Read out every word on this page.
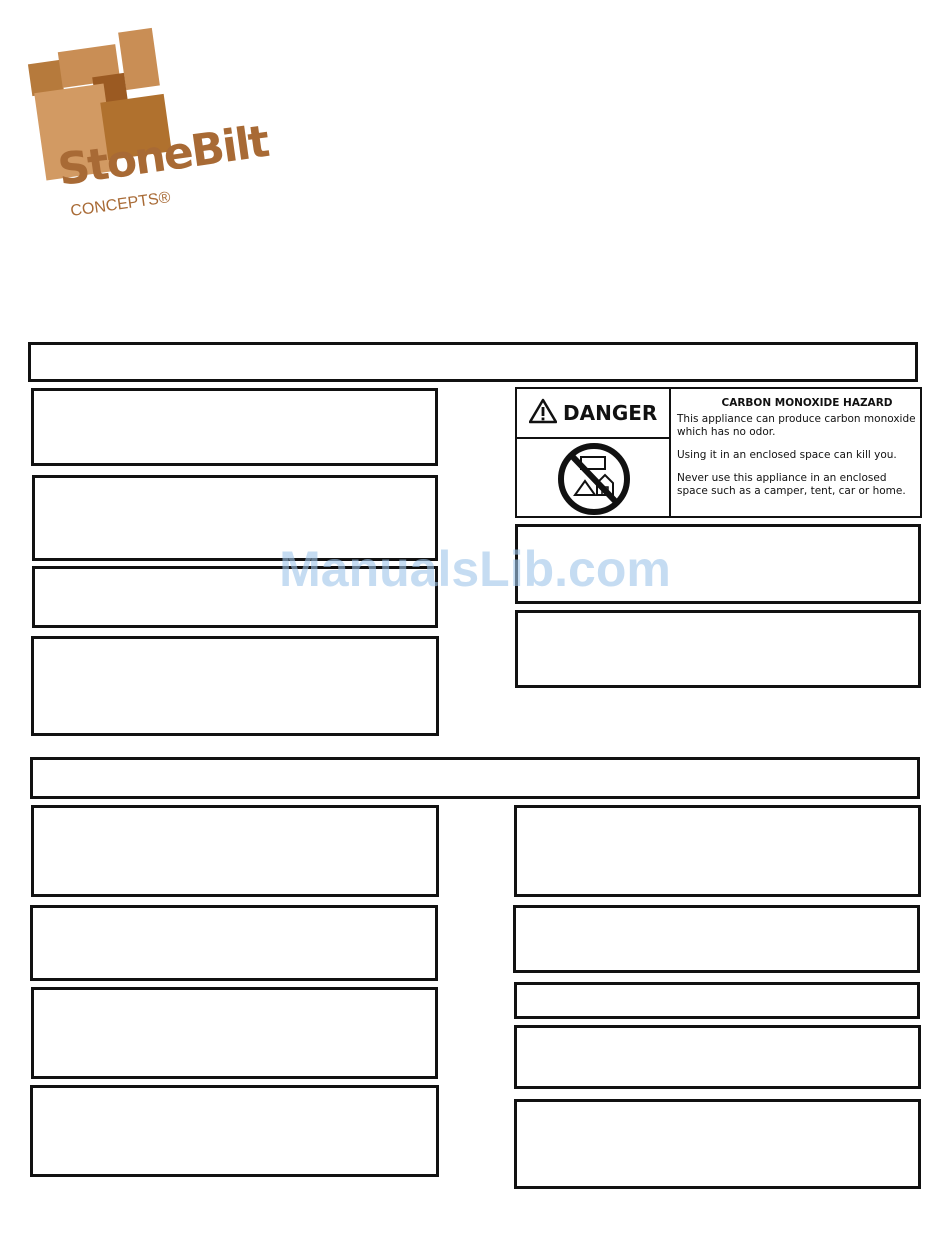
StoneBilt
CONCEPTS®
DANGER	CARBON MONOXIDE HAZARD

This appliance can produce carbon monoxide which has no odor.

Using it in an enclosed space can kill you.

Never use this appliance in an enclosed space such as a camper, tent, car or home.

ManualsLib.com
